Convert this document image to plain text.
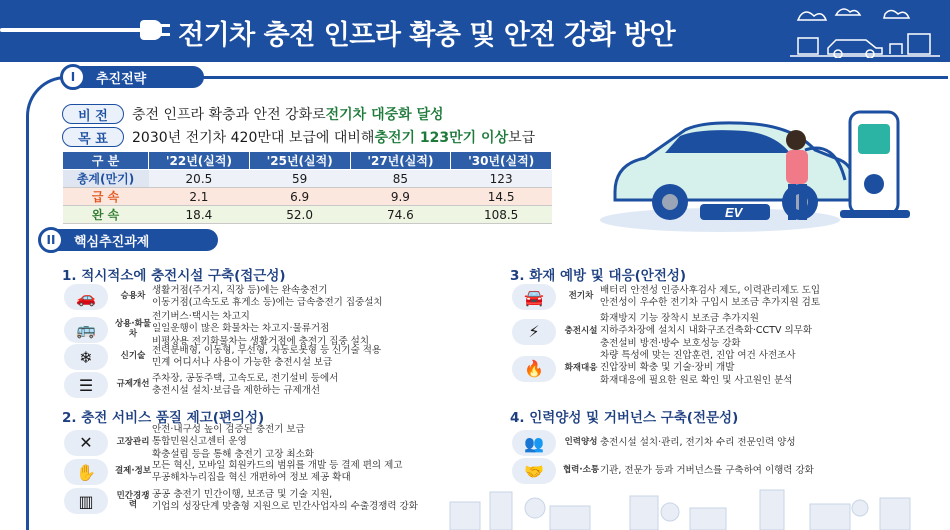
전기차 충전 인프라 확충 및 안전 강화 방안
I	추진전략
비 전	충전 인프라 확충과 안전 강화로 전기차 대중화 달성
목 표	2030년 전기차 420만대 보급에 대비해 충전기 123만기 이상 보급
구 분	'22년(실적)	'25년(실적)	'27년(실적)	'30년(실적)
총계(만기)	20.5	59	85	123
급 속	2.1	6.9	9.9	14.5
완 속	18.4	52.0	74.6	108.5	EV
II	핵심추진과제
1. 적시적소에 충전시설 구축(접근성)
🚗	승용차
생활거점(주거지, 직장 등)에는 완속충전기
이동거점(고속도로 휴게소 등)에는 급속충전기 집중설치
🚌	상용·화물차
전기버스·택시는 차고지
일일운행이 많은 화물차는 차고지·물류거점
비평상용 전기화물차는 생활거점에 충전기 집중 설치
❄	신기술
전력분배형, 이동형, 무선형, 자동로봇형 등 신기술 적용
민계 어디서나 사용이 가능한 충전시설 보급
☰	규제개선
주차장, 공동주택, 고속도로, 전기설비 등에서
충전시설 설치·보급을 제한하는 규제개선
2. 충전 서비스 품질 제고(편의성)
✕	고장관리
안전·내구성 높이 검증된 충전기 보급
통합민원신고센터 운영
확충설립 등을 통해 충전기 고장 최소화
✋	결제·정보
모든 혁신, 모바일 회원카드의 범위를 개발 등 결제 편의 제고
무공해차누리집을 혁신 개편하여 정보 제공 확대
▥	민간경쟁력
공공 충전기 민간이행, 보조금 및 기술 지원,
기업의 성장단계 맞춤형 지원으로 민간사업자의 수출경쟁력 강화
3. 화재 예방 및 대응(안전성)
🚘	전기차
배터리 안전성 인증사후검사 제도, 이력관리제도 도입
안전성이 우수한 전기차 구입시 보조금 추가지원 검토
⚡	충전시설
화재방지 기능 장착시 보조금 추가지원
지하주차장에 설치시 내화구조건축화·CCTV 의무화
충전설비 방전·방수 보호성능 강화
🔥	화재대응
차량 특성에 맞는 진압훈련, 진압 여건 사전조사
진압장비 확충 및 기술·장비 개발
화재대응에 필요한 원로 확인 및 사고원인 분석
4. 인력양성 및 거버넌스 구축(전문성)
👥	인력양성 충전시설 설치·관리, 전기차 수리 전문인력 양성
🤝	협력·소통 기관, 전문가 등과 거버넌스를 구축하여 이행력 강화
